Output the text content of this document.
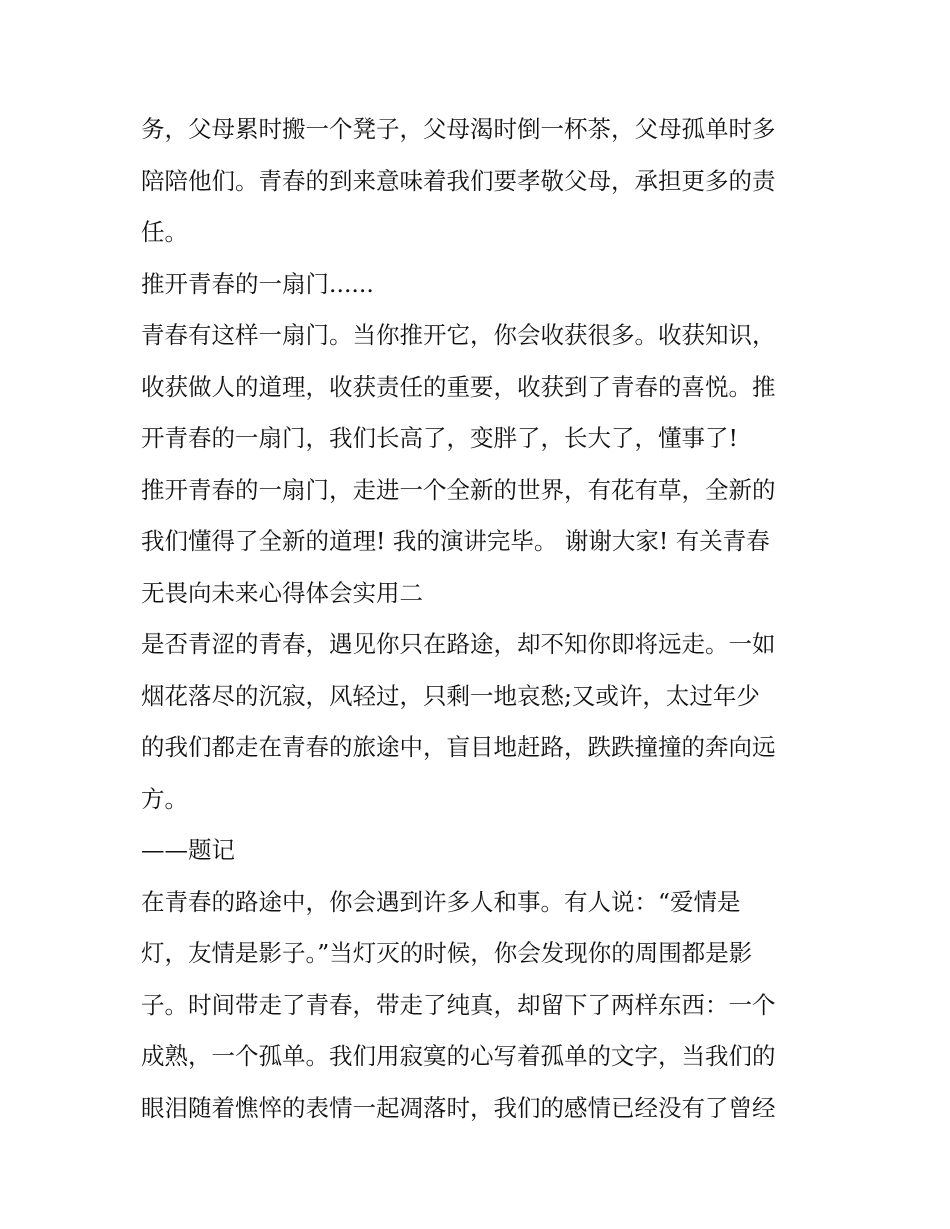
务，父母累时搬一个凳子，父母渴时倒一杯茶，父母孤单时多
陪陪他们。青春的到来意味着我们要孝敬父母，承担更多的责
任。
推开青春的一扇门......
青春有这样一扇门。当你推开它，你会收获很多。收获知识，
收获做人的道理，收获责任的重要，收获到了青春的喜悦。推
开青春的一扇门，我们长高了，变胖了，长大了，懂事了!
推开青春的一扇门，走进一个全新的世界，有花有草，全新的
我们懂得了全新的道理! 我的演讲完毕。 谢谢大家! 有关青春
无畏向未来心得体会实用二
是否青涩的青春，遇见你只在路途，却不知你即将远走。一如
烟花落尽的沉寂，风轻过，只剩一地哀愁;又或许，太过年少
的我们都走在青春的旅途中，盲目地赶路，跌跌撞撞的奔向远
方。
——题记
在青春的路途中，你会遇到许多人和事。有人说：“爱情是
灯，友情是影子。”当灯灭的时候，你会发现你的周围都是影
子。时间带走了青春，带走了纯真，却留下了两样东西：一个
成熟，一个孤单。我们用寂寞的心写着孤单的文字，当我们的
眼泪随着憔悴的表情一起凋落时，我们的感情已经没有了曾经
